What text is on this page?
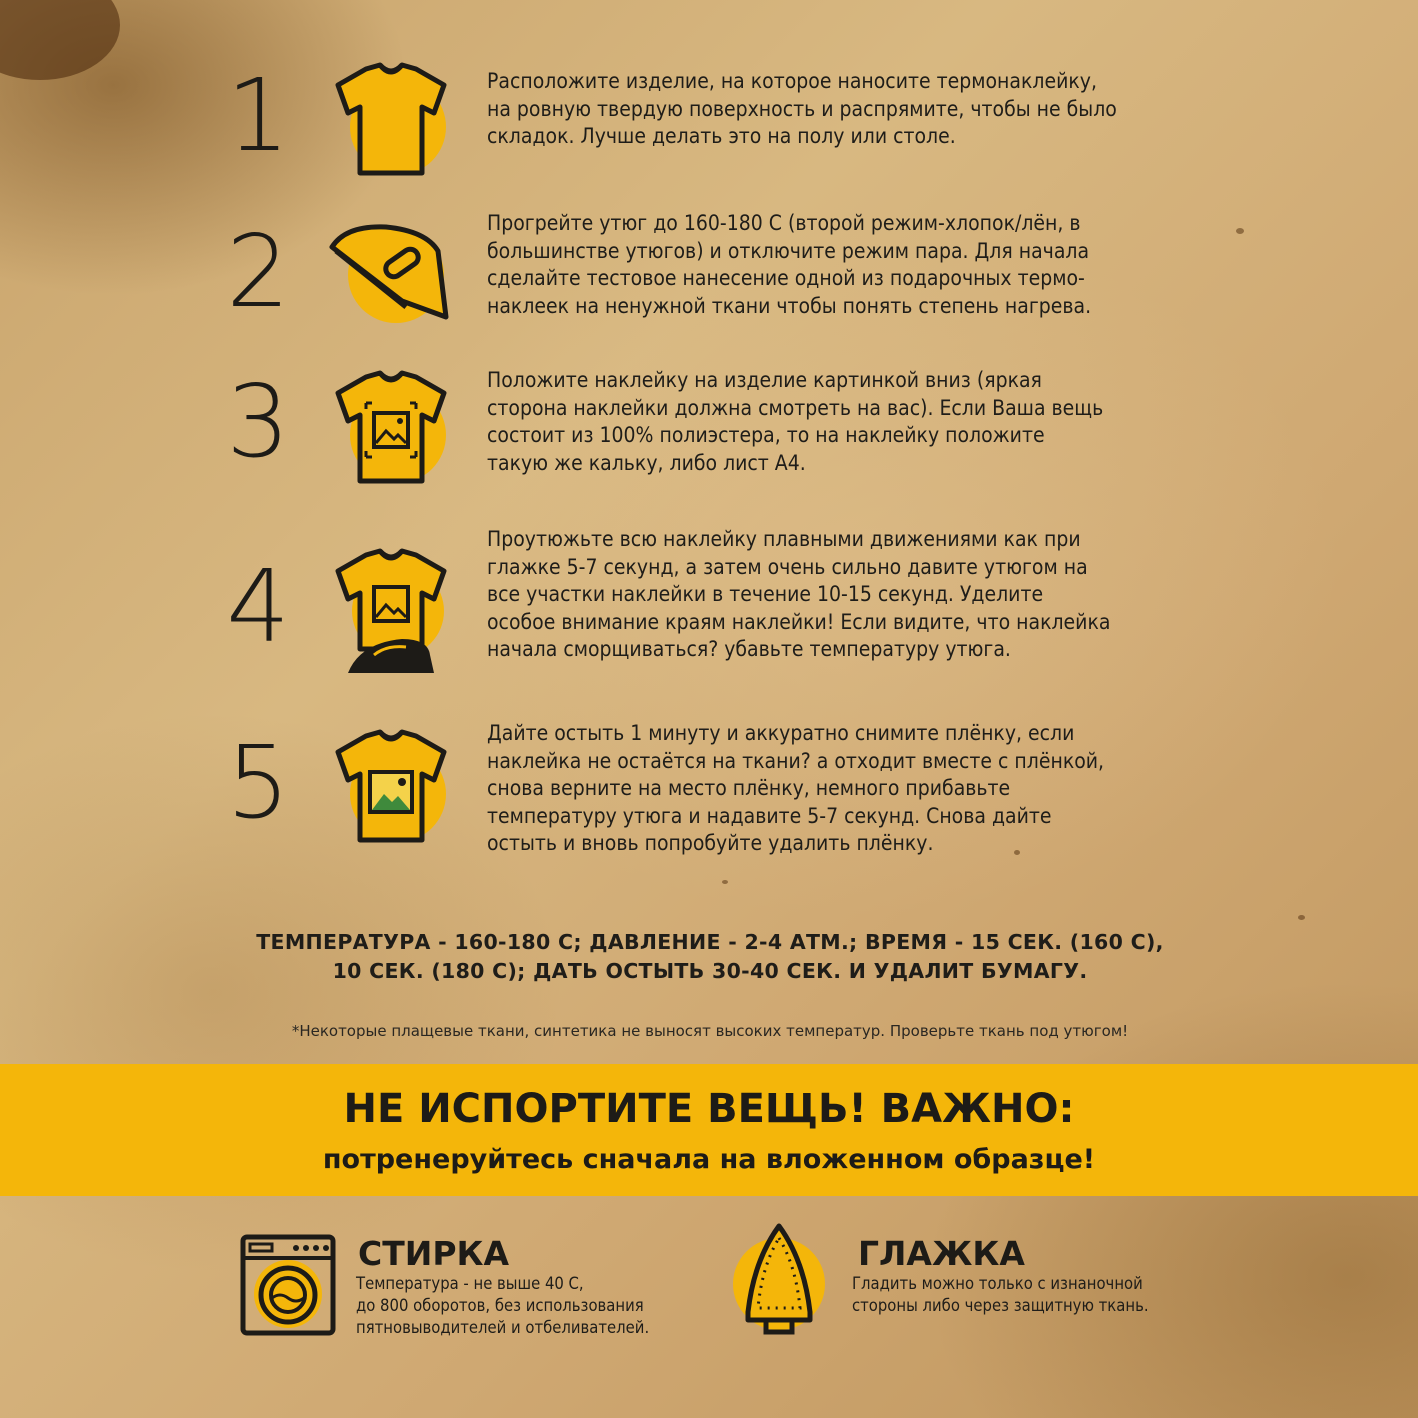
1	Расположите изделие, на которое наносите термонаклейку,
на ровную твердую поверхность и распрямите, чтобы не было
складок. Лучше делать это на полу или столе.
2	Прогрейте утюг до 160-180 С (второй режим-хлопок/лён, в
большинстве утюгов) и отключите режим пара. Для начала
сделайте тестовое нанесение одной из подарочных термо-
наклеек на ненужной ткани чтобы понять степень нагрева.
3	Положите наклейку на изделие картинкой вниз (яркая
сторона наклейки должна смотреть на вас). Если Ваша вещь
состоит из 100% полиэстера, то на наклейку положите
такую же кальку, либо лист А4.
4
Проутюжьте всю наклейку плавными движениями как при
глажке 5-7 секунд, а затем очень сильно давите утюгом на
все участки наклейки в течение 10-15 секунд. Уделите
особое внимание краям наклейки! Если видите, что наклейка
начала сморщиваться? убавьте температуру утюга.
5	Дайте остыть 1 минуту и аккуратно снимите плёнку, если
наклейка не остаётся на ткани? а отходит вместе с плёнкой,
снова верните на место плёнку, немного прибавьте
температуру утюга и надавите 5-7 секунд. Снова дайте
остыть и вновь попробуйте удалить плёнку.
ТЕМПЕРАТУРА - 160-180 С; ДАВЛЕНИЕ - 2-4 АТМ.; ВРЕМЯ - 15 СЕК. (160 С),
10 СЕК. (180 С); ДАТЬ ОСТЫТЬ 30-40 СЕК. И УДАЛИТ БУМАГУ.
*Некоторые плащевые ткани, синтетика не выносят высоких температур. Проверьте ткань под утюгом!
НЕ ИСПОРТИТЕ ВЕЩЬ! ВАЖНО:
потренеруйтесь сначала на вложенном образце!
СТИРКА
Температура - не выше 40 С,
до 800 оборотов, без использования
пятновыводителей и отбеливателей.
ГЛАЖКА
Гладить можно только с изнаночной
стороны либо через защитную ткань.
